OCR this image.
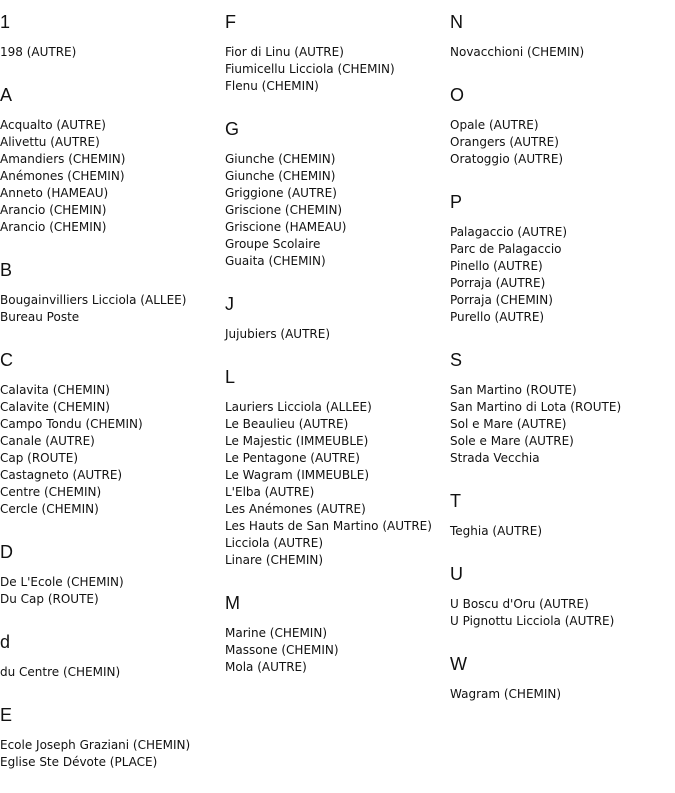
1
198 (AUTRE)
A
Acqualto (AUTRE)
Alivettu (AUTRE)
Amandiers (CHEMIN)
Anémones (CHEMIN)
Anneto (HAMEAU)
Arancio (CHEMIN)
Arancio (CHEMIN)
B
Bougainvilliers Licciola (ALLEE)
Bureau Poste
C
Calavita (CHEMIN)
Calavite (CHEMIN)
Campo Tondu (CHEMIN)
Canale (AUTRE)
Cap (ROUTE)
Castagneto (AUTRE)
Centre (CHEMIN)
Cercle (CHEMIN)
D
De L'Ecole (CHEMIN)
Du Cap (ROUTE)
d
du Centre (CHEMIN)
E
Ecole Joseph Graziani (CHEMIN)
Eglise Ste Dévote (PLACE)
F
Fior di Linu (AUTRE)
Fiumicellu Licciola (CHEMIN)
Flenu (CHEMIN)
G
Giunche (CHEMIN)
Giunche (CHEMIN)
Griggione (AUTRE)
Griscione (CHEMIN)
Griscione (HAMEAU)
Groupe Scolaire
Guaita (CHEMIN)
J
Jujubiers (AUTRE)
L
Lauriers Licciola (ALLEE)
Le Beaulieu (AUTRE)
Le Majestic (IMMEUBLE)
Le Pentagone (AUTRE)
Le Wagram (IMMEUBLE)
L'Elba (AUTRE)
Les Anémones (AUTRE)
Les Hauts de San Martino (AUTRE)
Licciola (AUTRE)
Linare (CHEMIN)
M
Marine (CHEMIN)
Massone (CHEMIN)
Mola (AUTRE)
N
Novacchioni (CHEMIN)
O
Opale (AUTRE)
Orangers (AUTRE)
Oratoggio (AUTRE)
P
Palagaccio (AUTRE)
Parc de Palagaccio
Pinello (AUTRE)
Porraja (AUTRE)
Porraja (CHEMIN)
Purello (AUTRE)
S
San Martino (ROUTE)
San Martino di Lota (ROUTE)
Sol e Mare (AUTRE)
Sole e Mare (AUTRE)
Strada Vecchia
T
Teghia (AUTRE)
U
U Boscu d'Oru (AUTRE)
U Pignottu Licciola (AUTRE)
W
Wagram (CHEMIN)
